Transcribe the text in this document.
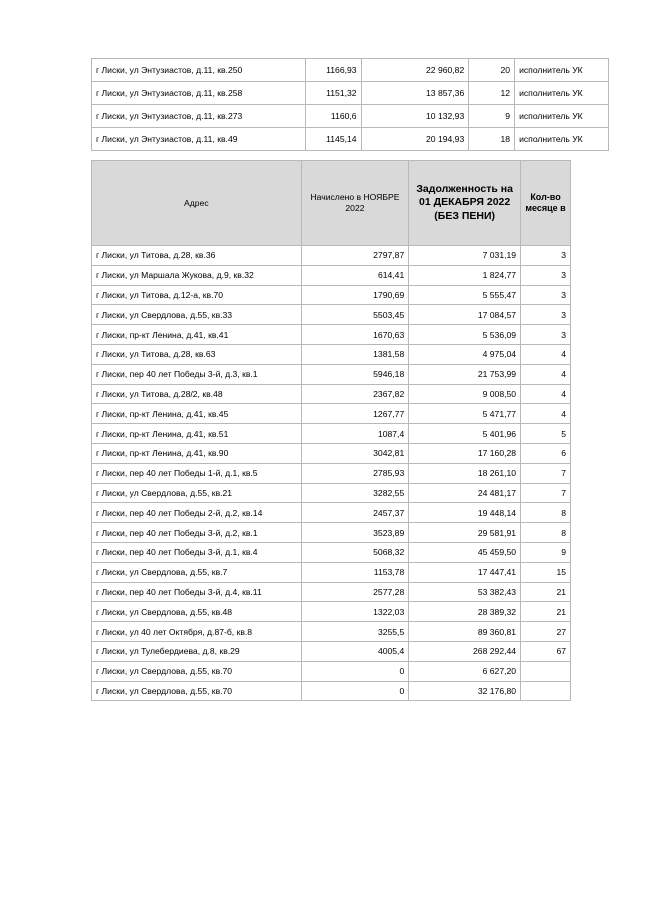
г Лиски, ул Энтузиастов, д.11, кв.250	1166,93	22 960,82	20	исполнитель УК
г Лиски, ул Энтузиастов, д.11, кв.258	1151,32	13 857,36	12	исполнитель УК
г Лиски, ул Энтузиастов, д.11, кв.273	1160,6	10 132,93	9	исполнитель УК
г Лиски, ул Энтузиастов, д.11, кв.49	1145,14	20 194,93	18	исполнитель УК
Адрес	Начислено в НОЯБРЕ 2022	Задолженность на 01 ДЕКАБРЯ 2022 (БЕЗ ПЕНИ)	Кол-во месяце в
г Лиски, ул Титова, д.28, кв.36	2797,87	7 031,19	3
г Лиски, ул Маршала Жукова, д.9, кв.32	614,41	1 824,77	3
г Лиски, ул Титова, д.12-а, кв.70	1790,69	5 555,47	3
г Лиски, ул Свердлова, д.55, кв.33	5503,45	17 084,57	3
г Лиски, пр-кт Ленина, д.41, кв.41	1670,63	5 536,09	3
г Лиски, ул Титова, д.28, кв.63	1381,58	4 975,04	4
г Лиски, пер 40 лет Победы 3-й, д.3, кв.1	5946,18	21 753,99	4
г Лиски, ул Титова, д.28/2, кв.48	2367,82	9 008,50	4
г Лиски, пр-кт Ленина, д.41, кв.45	1267,77	5 471,77	4
г Лиски, пр-кт Ленина, д.41, кв.51	1087,4	5 401,96	5
г Лиски, пр-кт Ленина, д.41, кв.90	3042,81	17 160,28	6
г Лиски, пер 40 лет Победы 1-й, д.1, кв.5	2785,93	18 261,10	7
г Лиски, ул Свердлова, д.55, кв.21	3282,55	24 481,17	7
г Лиски, пер 40 лет Победы 2-й, д.2, кв.14	2457,37	19 448,14	8
г Лиски, пер 40 лет Победы 3-й, д.2, кв.1	3523,89	29 581,91	8
г Лиски, пер 40 лет Победы 3-й, д.1, кв.4	5068,32	45 459,50	9
г Лиски, ул Свердлова, д.55, кв.7	1153,78	17 447,41	15
г Лиски, пер 40 лет Победы 3-й, д.4, кв.11	2577,28	53 382,43	21
г Лиски, ул Свердлова, д.55, кв.48	1322,03	28 389,32	21
г Лиски, ул 40 лет Октября, д.87-б, кв.8	3255,5	89 360,81	27
г Лиски, ул Тулебердиева, д.8, кв.29	4005,4	268 292,44	67
г Лиски, ул Свердлова, д.55, кв.70	0	6 627,20	
г Лиски, ул Свердлова, д.55, кв.70	0	32 176,80	
